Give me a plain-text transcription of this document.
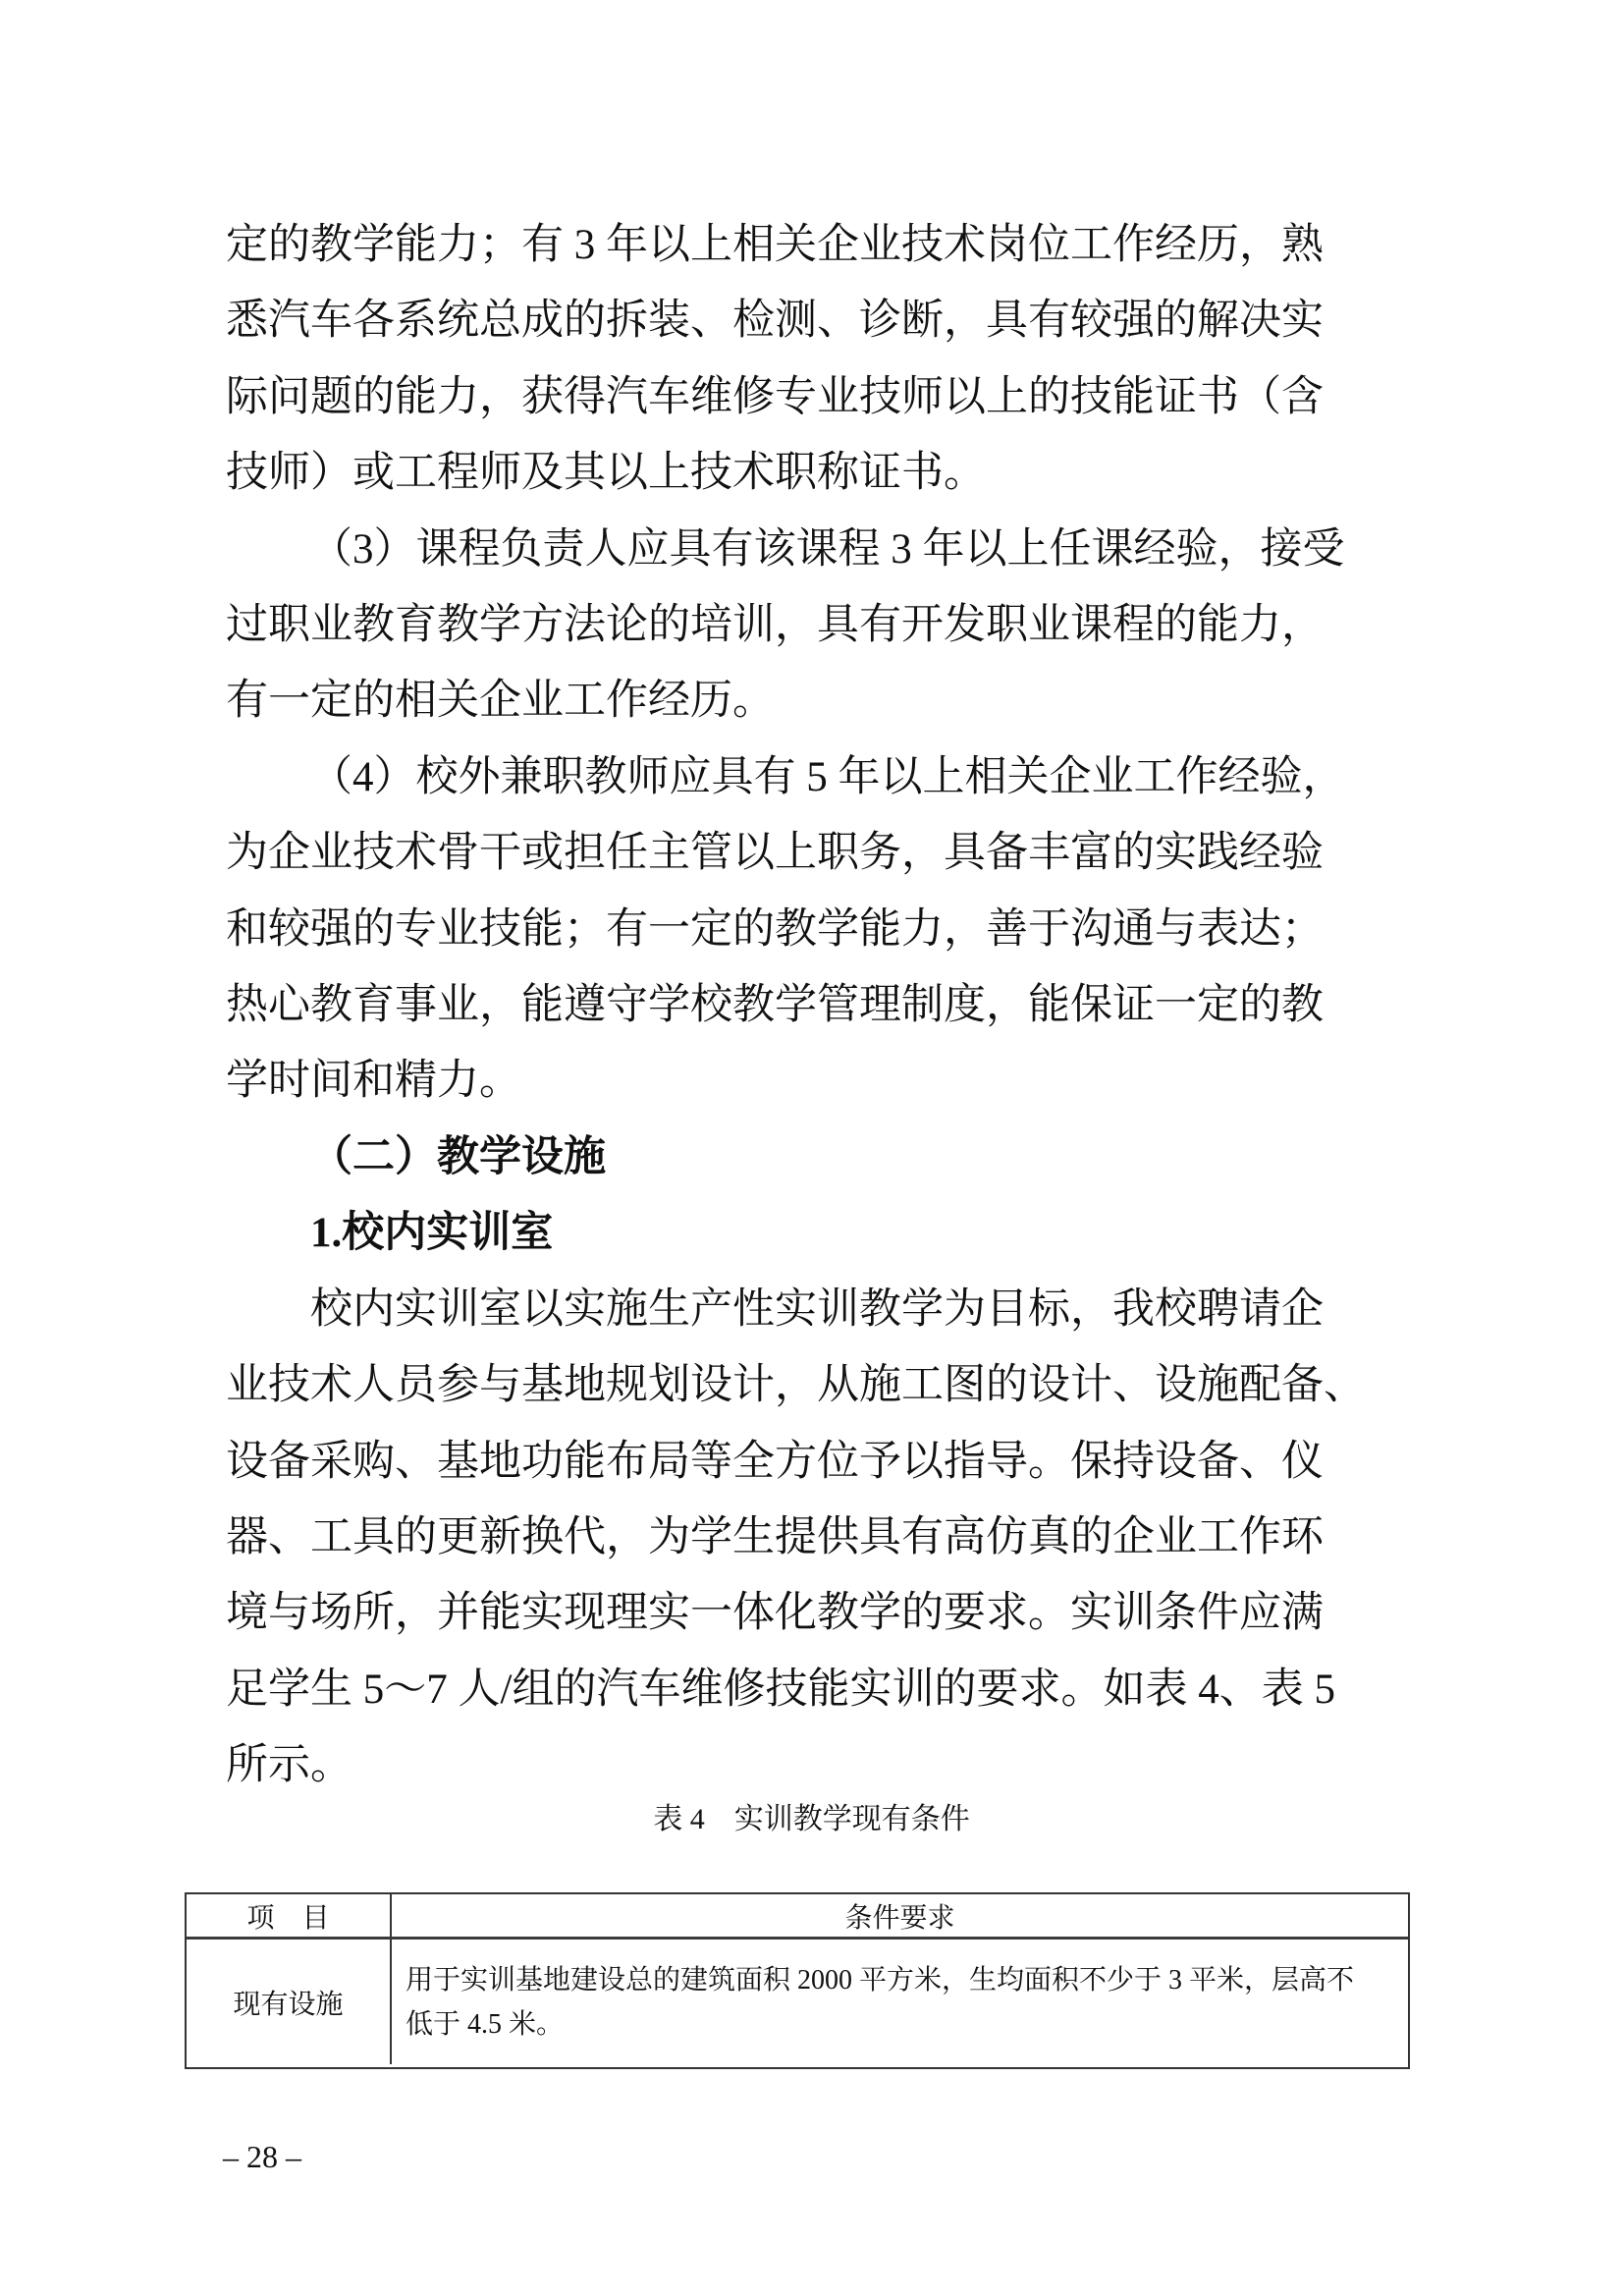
定的教学能力；有 3 年以上相关企业技术岗位工作经历，熟
悉汽车各系统总成的拆装、检测、诊断，具有较强的解决实
际问题的能力，获得汽车维修专业技师以上的技能证书（含
技师）或工程师及其以上技术职称证书。
（3）课程负责人应具有该课程 3 年以上任课经验，接受
过职业教育教学方法论的培训，具有开发职业课程的能力，
有一定的相关企业工作经历。
（4）校外兼职教师应具有 5 年以上相关企业工作经验，
为企业技术骨干或担任主管以上职务，具备丰富的实践经验
和较强的专业技能；有一定的教学能力，善于沟通与表达；
热心教育事业，能遵守学校教学管理制度，能保证一定的教
学时间和精力。
（二）教学设施
1.校内实训室
校内实训室以实施生产性实训教学为目标，我校聘请企
业技术人员参与基地规划设计，从施工图的设计、设施配备、
设备采购、基地功能布局等全方位予以指导。保持设备、仪
器、工具的更新换代，为学生提供具有高仿真的企业工作环
境与场所，并能实现理实一体化教学的要求。实训条件应满
足学生 5～7 人/组的汽车维修技能实训的要求。如表 4、表 5
所示。
表 4　实训教学现有条件
项　目	条件要求
现有设施
用于实训基地建设总的建筑面积 2000 平方米，生均面积不少于 3 平米，层高不低于 4.5 米。
– 28 –
